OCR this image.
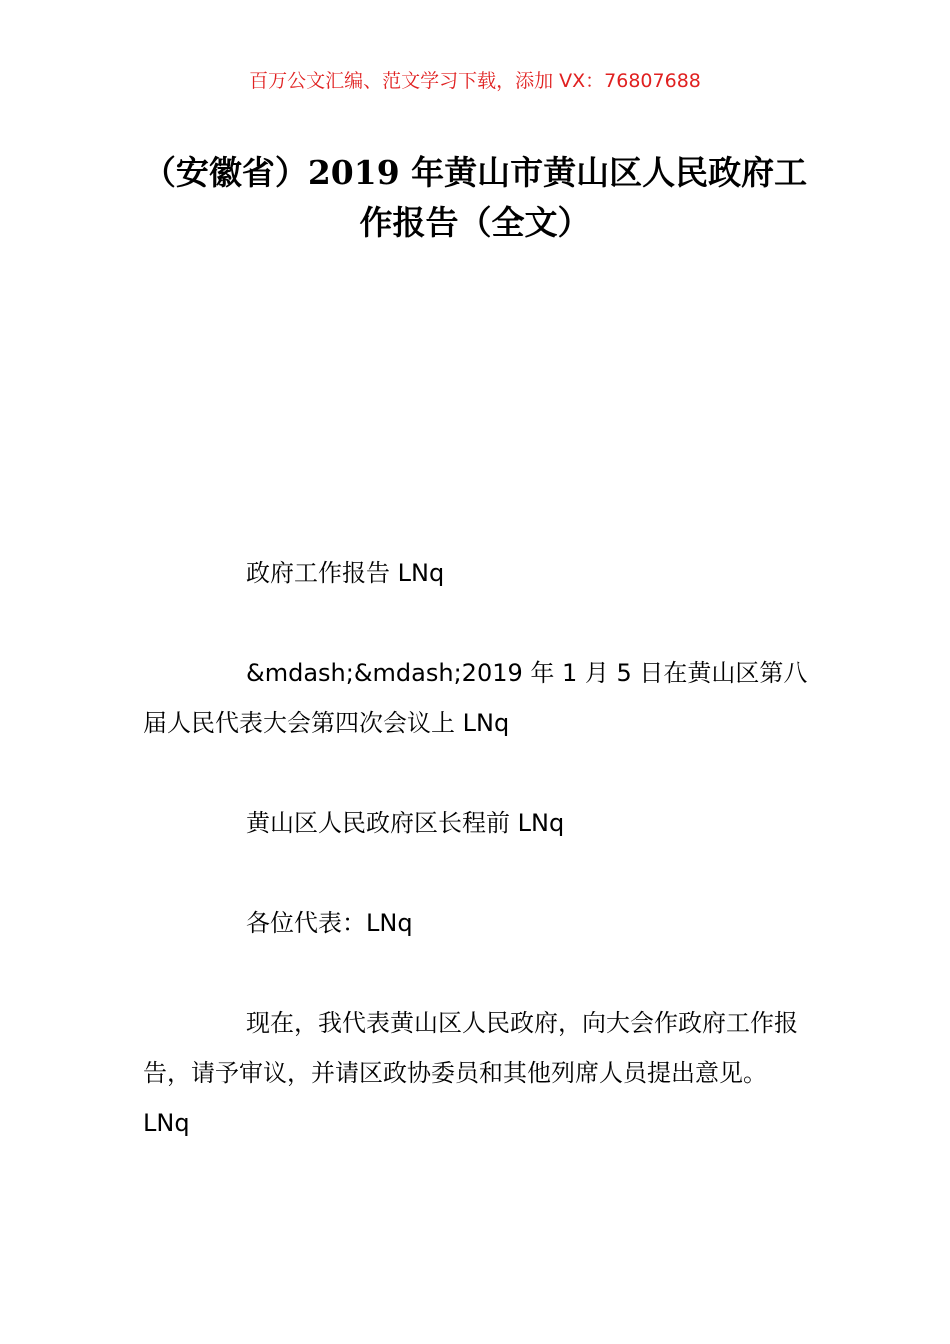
百万公文汇编、范文学习下载，添加 VX：76807688
（安徽省）2019 年黄山市黄山区人民政府工作报告（全文）

政府工作报告 LNq

&mdash;&mdash;2019 年 1 月 5 日在黄山区第八届人民代表大会第四次会议上 LNq

黄山区人民政府区长程前 LNq

各位代表：LNq

现在，我代表黄山区人民政府，向大会作政府工作报告，请予审议，并请区政协委员和其他列席人员提出意见。LNq
